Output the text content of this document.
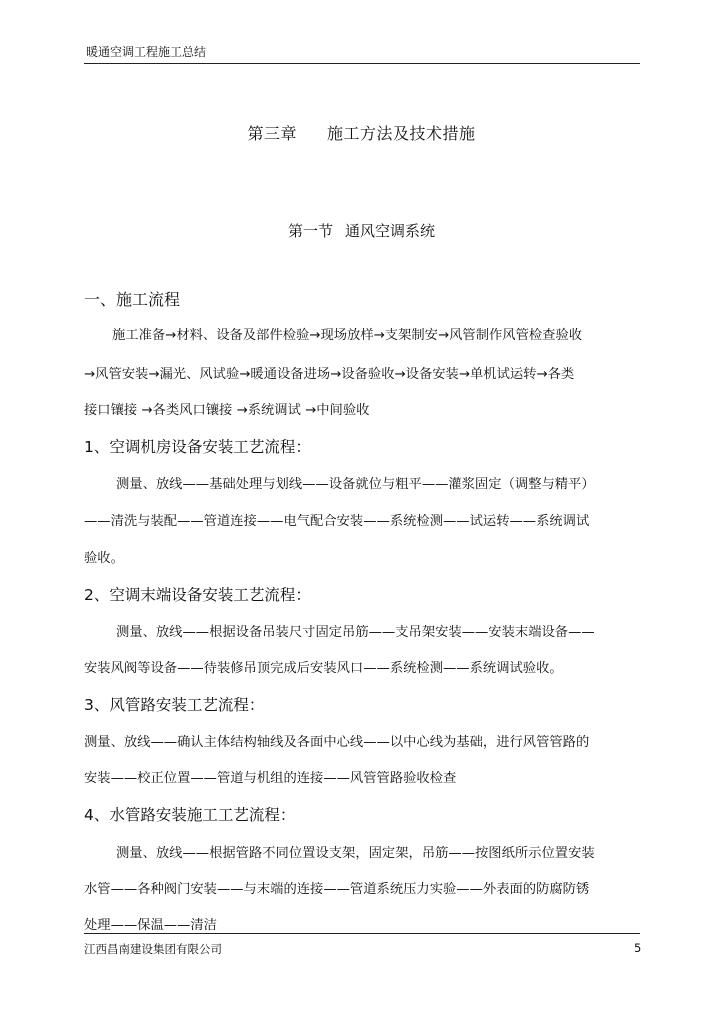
暖通空调工程施工总结
第三章 施工方法及技术措施
第一节 通风空调系统
一、施工流程
施工准备→材料、设备及部件检验→现场放样→支架制安→风管制作风管检查验收
→风管安装→漏光、风试验→暖通设备进场→设备验收→设备安装→单机试运转→各类
接口镶接 →各类风口镶接 →系统调试 →中间验收
1、空调机房设备安装工艺流程：
测量、放线——基础处理与划线——设备就位与粗平——灌浆固定（调整与精平）
——清洗与装配——管道连接——电气配合安装——系统检测——试运转——系统调试
验收。
2、空调末端设备安装工艺流程：
测量、放线——根据设备吊装尺寸固定吊筋——支吊架安装——安装末端设备——
安装风阀等设备——待装修吊顶完成后安装风口——系统检测——系统调试验收。
3、风管路安装工艺流程：
测量、放线——确认主体结构轴线及各面中心线——以中心线为基础，进行风管管路的
安装——校正位置——管道与机组的连接——风管管路验收检查
4、水管路安装施工工艺流程：
测量、放线——根据管路不同位置设支架，固定架，吊筋——按图纸所示位置安装
水管——各种阀门安装——与末端的连接——管道系统压力实验——外表面的防腐防锈
处理——保温——清洁
江西昌南建设集团有限公司	5
